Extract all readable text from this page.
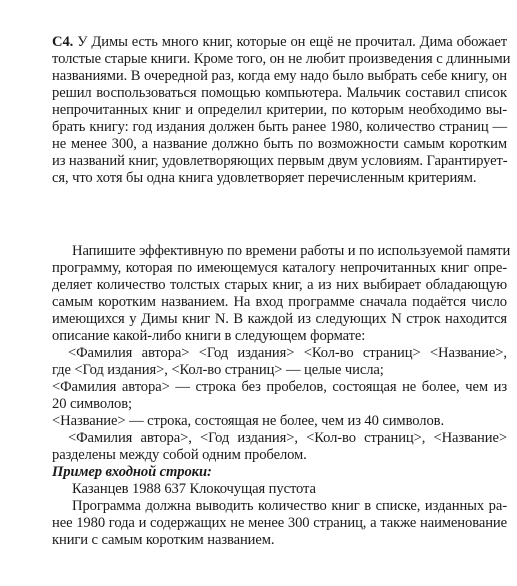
C4. У Димы есть много книг, которые он ещё не прочитал. Дима обожает
толстые старые книги. Кроме того, он не любит произведения с длинными
названиями. В очередной раз, когда ему надо было выбрать себе книгу, он
решил воспользоваться помощью компьютера. Мальчик составил список
непрочитанных книг и определил критерии, по которым необходимо вы-
брать книгу: год издания должен быть ранее 1980, количество страниц —
не менее 300, а название должно быть по возможности самым коротким
из названий книг, удовлетворяющих первым двум условиям. Гарантирует-
ся, что хотя бы одна книга удовлетворяет перечисленным критериям.
Напишите эффективную по времени работы и по используемой памяти
программу, которая по имеющемуся каталогу непрочитанных книг опре-
деляет количество толстых старых книг, а из них выбирает обладающую
самым коротким названием. На вход программе сначала подаётся число
имеющихся у Димы книг N. В каждой из следующих N строк находится
описание какой-либо книги в следующем формате:
<Фамилия автора> <Год издания> <Кол-во страниц> <Название>,
где <Год издания>, <Кол-во страниц> — целые числа;
<Фамилия автора> — строка без пробелов, состоящая не более, чем из
20 символов;
<Название> — строка, состоящая не более, чем из 40 символов.
<Фамилия автора>, <Год издания>, <Кол-во страниц>, <Название>
разделены между собой одним пробелом.
Пример входной строки:
Казанцев 1988 637 Клокочущая пустота
Программа должна выводить количество книг в списке, изданных ра-
нее 1980 года и содержащих не менее 300 страниц, а также наименование
книги с самым коротким названием.
